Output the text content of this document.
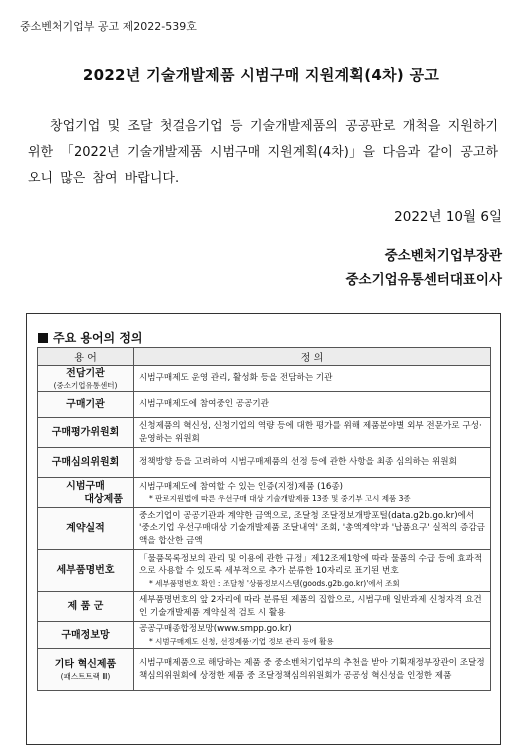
중소벤처기업부 공고 제2022-539호
2022년 기술개발제품 시범구매 지원계획(4차) 공고
창업기업 및 조달 첫걸음기업 등 기술개발제품의 공공판로 개척을 지원하기 위한 「2022년 기술개발제품 시범구매 지원계획(4차)」을 다음과 같이 공고하오니 많은 참여 바랍니다.
2022년 10월 6일
중소벤처기업부장관
중소기업유통센터대표이사
주요 용어의 정의
용 어	정 의
전담기관
(중소기업유통센터)	시범구매제도 운영 관리, 활성화 등을 전담하는 기관
구매기관	시범구매제도에 참여중인 공공기관
구매평가위원회	신청제품의 혁신성, 신청기업의 역량 등에 대한 평가를 위해 제품분야별 외부 전문가로 구성·운영하는 위원회
구매심의위원회	정책방향 등을 고려하여 시범구매제품의 선정 등에 관한 사항을 최종 심의하는 위원회
시범구매
대상제품	시범구매제도에 참여할 수 있는 인증(지정)제품 (16종)
* 판로지원법에 따른 우선구매 대상 기술개발제품 13종 및 중기부 고시 제품 3종

계약실적	중소기업이 공공기관과 계약한 금액으로, 조달청 조달정보개방포털(data.g2b.go.kr)에서 '중소기업 우선구매대상 기술개발제품 조달내역' 조회, '총액계약'과 '납품요구' 실적의 증감금액을 합산한 금액
세부품명번호	「물품목록정보의 관리 및 이용에 관한 규정」제12조제1항에 따라 물품의 수급 등에 효과적으로 사용할 수 있도록 세부적으로 추가 분류한 10자리로 표기된 번호
* 세부품명번호 확인 : 조달청 '상품정보시스템(goods.g2b.go.kr)'에서 조회

제 품 군	세부품명번호의 앞 2자리에 따라 분류된 제품의 집합으로, 시범구매 일반과제 신청자격 요건인 기술개발제품 계약실적 검토 시 활용
구매정보망	공공구매종합정보망(www.smpp.go.kr)
* 시범구매제도 신청, 선정제품·기업 정보 관리 등에 활용

기타 혁신제품
(패스트트랙 Ⅲ)	시범구매제품으로 해당하는 제품 중 중소벤처기업부의 추천을 받아 기획재정부장관이 조달정책심의위원회에 상정한 제품 중 조달정책심의위원회가 공공성 혁신성을 인정한 제품
